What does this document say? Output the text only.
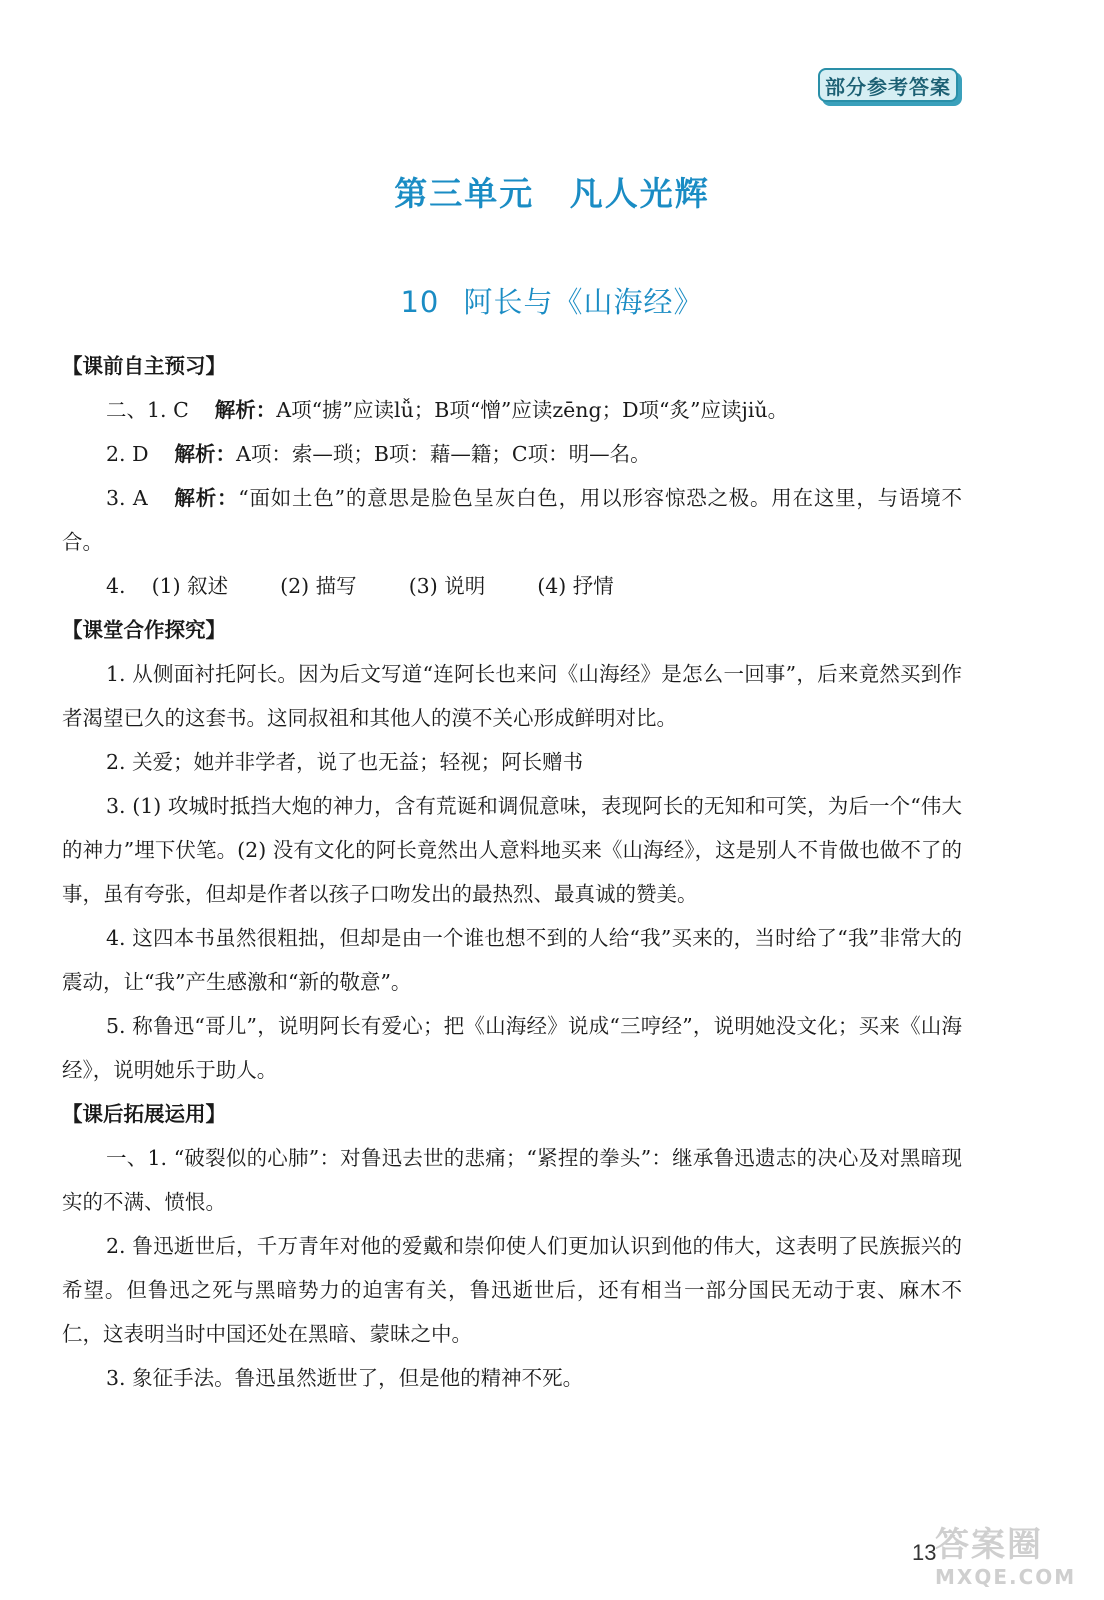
部分参考答案
第三单元 凡人光辉
10 阿长与《山海经》
【课前自主预习】

二、1. C 解析：A项“掳”应读lǚ；B项“憎”应读zēng；D项“炙”应读jiǔ。

2. D 解析：A项：索—琐；B项：藉—籍；C项：明—名。

3. A 解析：“面如土色”的意思是脸色呈灰白色，用以形容惊恐之极。用在这里，与语境不合。

4. (1) 叙述	(2) 描写	(3) 说明	(4) 抒情

【课堂合作探究】

1. 从侧面衬托阿长。因为后文写道“连阿长也来问《山海经》是怎么一回事”，后来竟然买到作者渴望已久的这套书。这同叔祖和其他人的漠不关心形成鲜明对比。

2. 关爱；她并非学者，说了也无益；轻视；阿长赠书

3. (1) 攻城时抵挡大炮的神力，含有荒诞和调侃意味，表现阿长的无知和可笑，为后一个“伟大的神力”埋下伏笔。(2) 没有文化的阿长竟然出人意料地买来《山海经》，这是别人不肯做也做不了的事，虽有夸张，但却是作者以孩子口吻发出的最热烈、最真诚的赞美。

4. 这四本书虽然很粗拙，但却是由一个谁也想不到的人给“我”买来的，当时给了“我”非常大的震动，让“我”产生感激和“新的敬意”。

5. 称鲁迅“哥儿”，说明阿长有爱心；把《山海经》说成“三哼经”，说明她没文化；买来《山海经》，说明她乐于助人。

【课后拓展运用】

一、1. “破裂似的心肺”：对鲁迅去世的悲痛；“紧捏的拳头”：继承鲁迅遗志的决心及对黑暗现实的不满、愤恨。

2. 鲁迅逝世后，千万青年对他的爱戴和崇仰使人们更加认识到他的伟大，这表明了民族振兴的希望。但鲁迅之死与黑暗势力的迫害有关，鲁迅逝世后，还有相当一部分国民无动于衷、麻木不仁，这表明当时中国还处在黑暗、蒙昧之中。

3. 象征手法。鲁迅虽然逝世了，但是他的精神不死。

13
答案圈
MXQE.COM
